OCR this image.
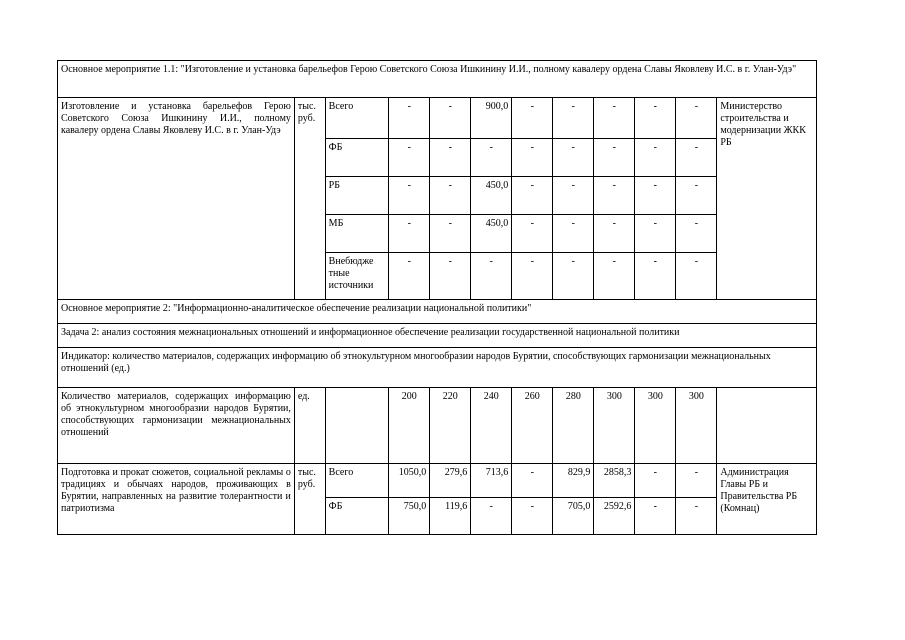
Основное мероприятие 1.1: "Изготовление и установка барельефов Герою Советского Союза Ишкинину И.И., полному кавалеру ордена Славы Яковлеву И.С. в г. Улан-Удэ"											
Изготовление и установка барельефов Герою Советского Союза Ишкинину И.И., полному кавалеру ордена Славы Яковлеву И.С. в г. Улан-Удэ	тыс. руб.	Всего	-	-	900,0	-	-	-	-	-	Министерство строительства и модернизации ЖКК РБ
		ФБ	-	-	-	-	-	-	-	-	
		РБ	-	-	450,0	-	-	-	-	-	
		МБ	-	-	450,0	-	-	-	-	-	
		Внебюдже тные источники	-	-	-	-	-	-	-	-	
Основное мероприятие 2: "Информационно-аналитическое обеспечение реализации национальной политики"											
Задача 2: анализ состояния межнациональных отношений и информационное обеспечение реализации государственной национальной политики											
Индикатор: количество материалов, содержащих информацию об этнокультурном многообразии народов Бурятии, способствующих гармонизации межнациональных отношений (ед.)											
Количество материалов, содержащих информацию об этнокультурном многообразии народов Бурятии, способствующих гармонизации межнациональных отношений	ед.		200	220	240	260	280	300	300	300	
Подготовка и прокат сюжетов, социальной рекламы о традициях и обычаях народов, проживающих в Бурятии, направленных на развитие толерантности и патриотизма	тыс. руб.	Всего	1050,0	279,6	713,6	-	829,9	2858,3	-	-	Администрация Главы РБ и Правительства РБ (Комнац)
		ФБ	750,0	119,6	-	-	705,0	2592,6	-	-	
